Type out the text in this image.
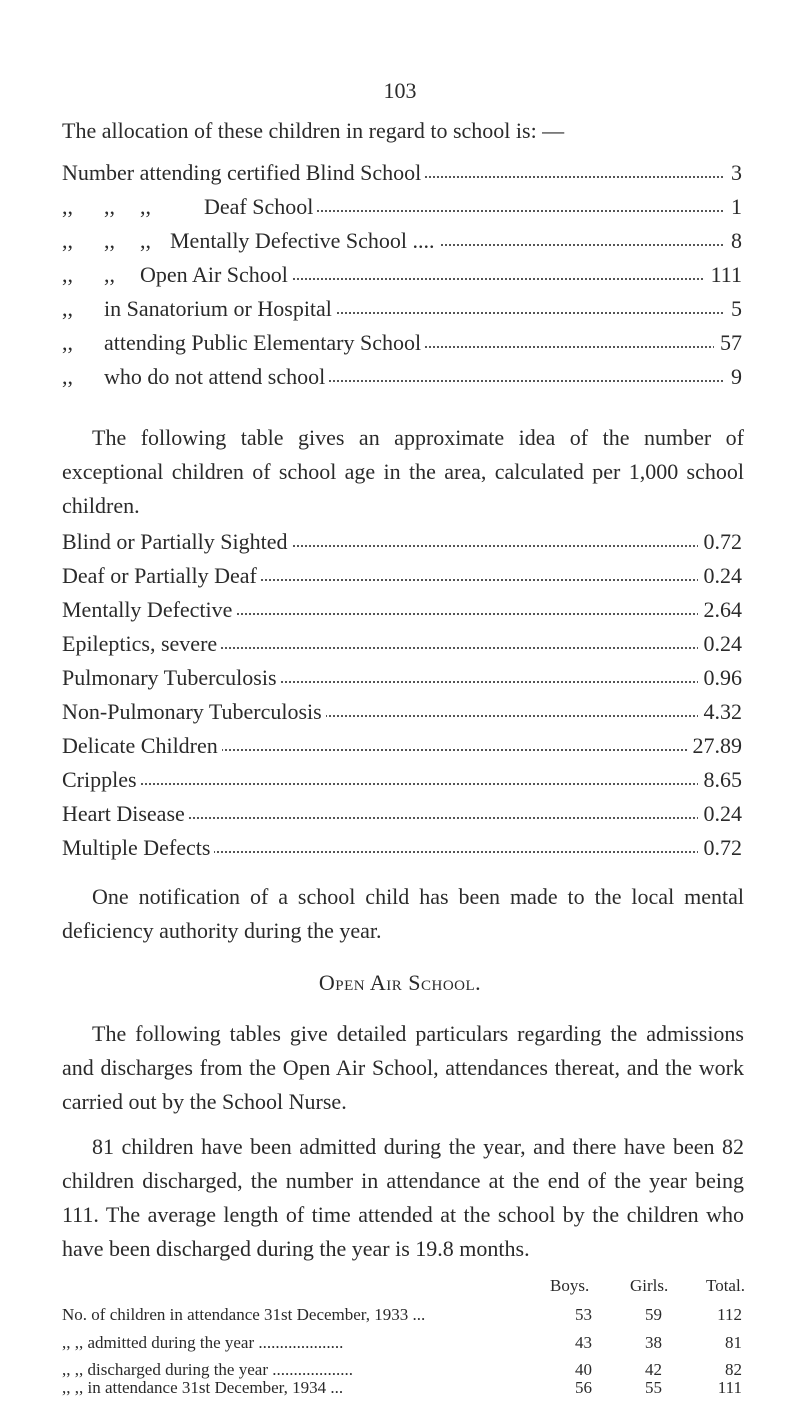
103
The allocation of these children in regard to school is: —
Number attending certified Blind School	3
,, ,, ,, Deaf School	1
,, ,, ,, Mentally Defective School ....	8
,, ,, Open Air School	111
,, in Sanatorium or Hospital	5
,, attending Public Elementary School	57
,, who do not attend school	9
The following table gives an approximate idea of the number of exceptional children of school age in the area, calculated per 1,000 school children.
Blind or Partially Sighted	0.72
Deaf or Partially Deaf	0.24
Mentally Defective	2.64
Epileptics, severe	0.24
Pulmonary Tuberculosis	0.96
Non-Pulmonary Tuberculosis	4.32
Delicate Children	27.89
Cripples	8.65
Heart Disease	0.24
Multiple Defects	0.72
One notification of a school child has been made to the local mental deficiency authority during the year.
Open Air School.
The following tables give detailed particulars regarding the admissions and discharges from the Open Air School, attendances thereat, and the work carried out by the School Nurse.
81 children have been admitted during the year, and there have been 82 children discharged, the number in attendance at the end of the year being 111. The average length of time attended at the school by the children who have been discharged during the year is 19.8 months.
Boys. Girls. Total.
No. of children in attendance 31st December, 1933 ...	53	59	112
,, ,, admitted during the year ....................	43	38	81
,, ,, discharged during the year ...................	40	42	82
,, ,, in attendance 31st December, 1934 ...	56	55	111
